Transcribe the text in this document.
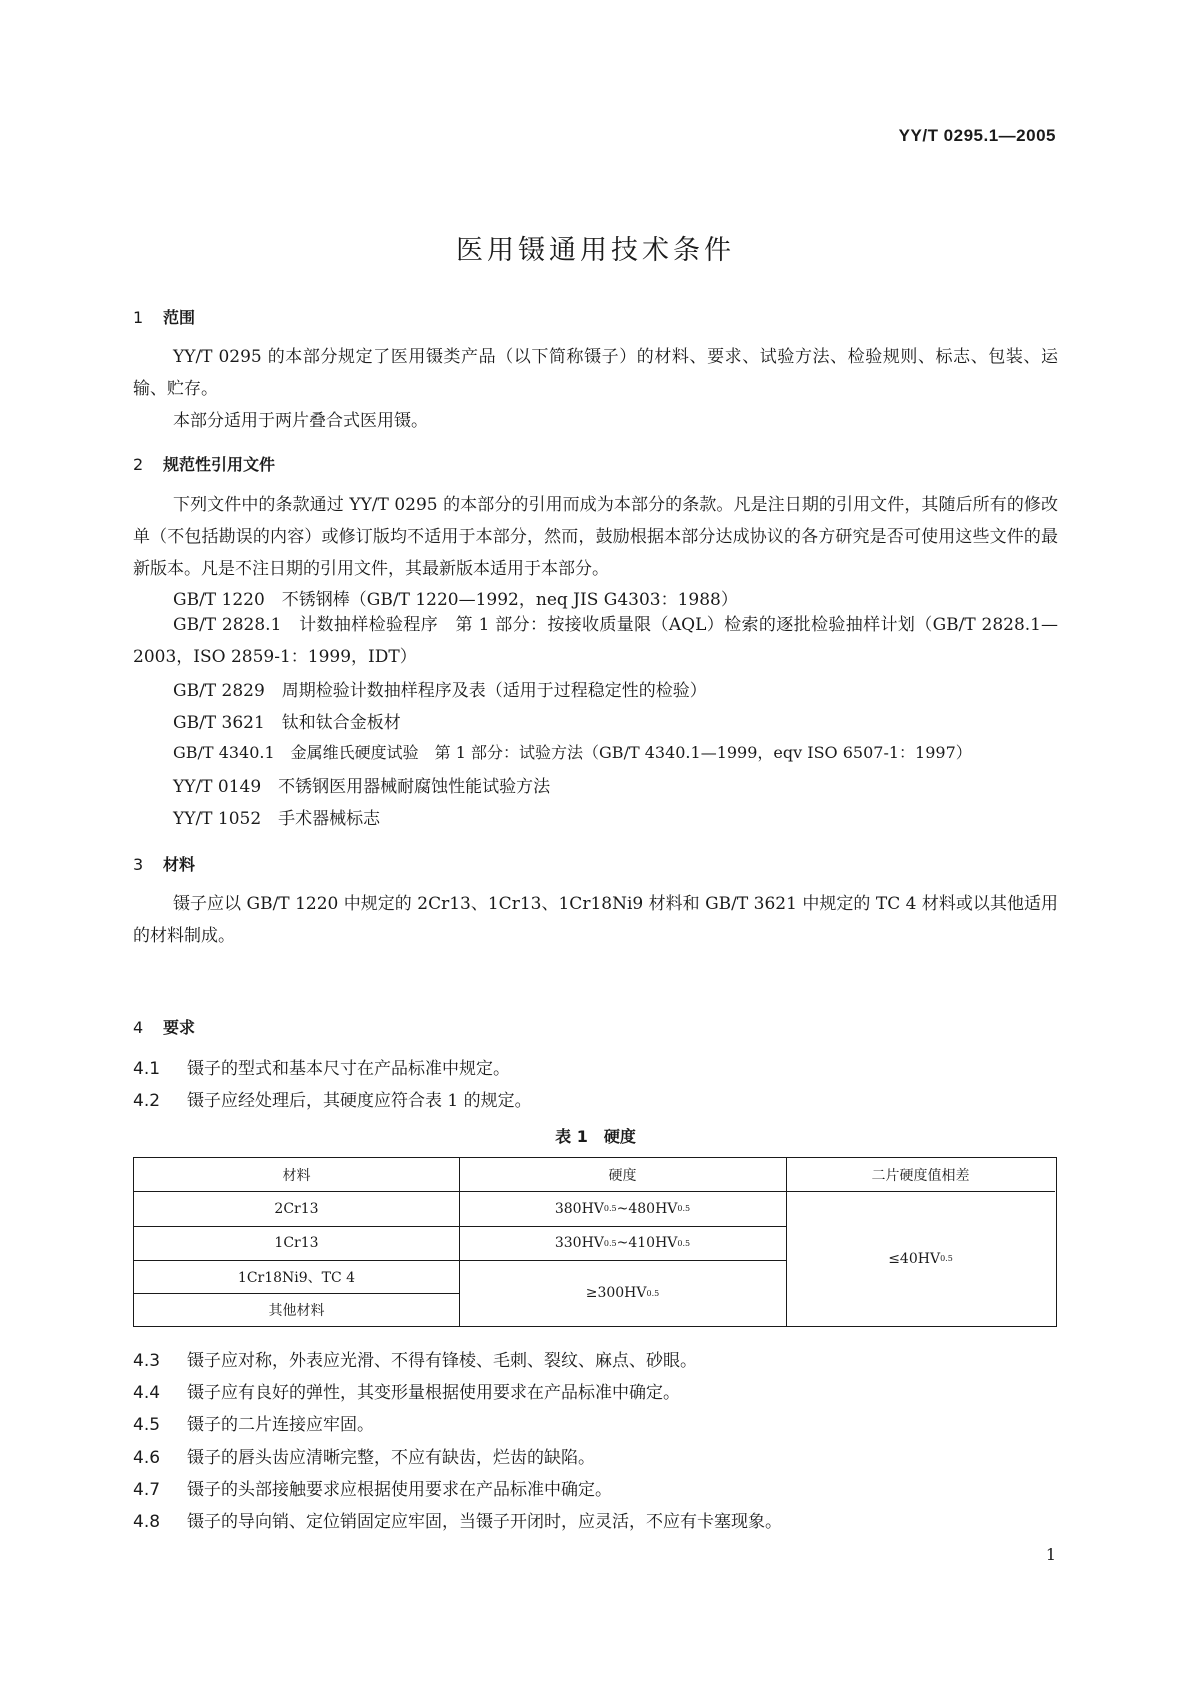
YY/T 0295.1—2005
医用镊通用技术条件
1 范围
YY/T 0295 的本部分规定了医用镊类产品（以下简称镊子）的材料、要求、试验方法、检验规则、标志、包装、运输、贮存。
本部分适用于两片叠合式医用镊。
2 规范性引用文件
下列文件中的条款通过 YY/T 0295 的本部分的引用而成为本部分的条款。凡是注日期的引用文件，其随后所有的修改单（不包括勘误的内容）或修订版均不适用于本部分，然而，鼓励根据本部分达成协议的各方研究是否可使用这些文件的最新版本。凡是不注日期的引用文件，其最新版本适用于本部分。
GB/T 1220　不锈钢棒（GB/T 1220—1992，neq JIS G4303：1988）
GB/T 2828.1　计数抽样检验程序　第 1 部分：按接收质量限（AQL）检索的逐批检验抽样计划（GB/T 2828.1—2003，ISO 2859-1：1999，IDT）
GB/T 2829　周期检验计数抽样程序及表（适用于过程稳定性的检验）
GB/T 3621　钛和钛合金板材
GB/T 4340.1　金属维氏硬度试验　第 1 部分：试验方法（GB/T 4340.1—1999，eqv ISO 6507-1：1997）
YY/T 0149　不锈钢医用器械耐腐蚀性能试验方法
YY/T 1052　手术器械标志
3 材料
镊子应以 GB/T 1220 中规定的 2Cr13、1Cr13、1Cr18Ni9 材料和 GB/T 3621 中规定的 TC 4 材料或以其他适用的材料制成。
4 要求
4.1 镊子的型式和基本尺寸在产品标准中规定。
4.2 镊子应经处理后，其硬度应符合表 1 的规定。
表 1　硬度
材料	硬度	二片硬度值相差
2Cr13
1Cr13
1Cr18Ni9、TC 4
其他材料
380HV 0.5 ~480HV 0.5
330HV 0.5 ~410HV 0.5
≥300HV 0.5
≤40HV 0.5
4.3 镊子应对称，外表应光滑、不得有锋棱、毛刺、裂纹、麻点、砂眼。
4.4 镊子应有良好的弹性，其变形量根据使用要求在产品标准中确定。
4.5 镊子的二片连接应牢固。
4.6 镊子的唇头齿应清晰完整，不应有缺齿，烂齿的缺陷。
4.7 镊子的头部接触要求应根据使用要求在产品标准中确定。
4.8 镊子的导向销、定位销固定应牢固，当镊子开闭时，应灵活，不应有卡塞现象。
1
